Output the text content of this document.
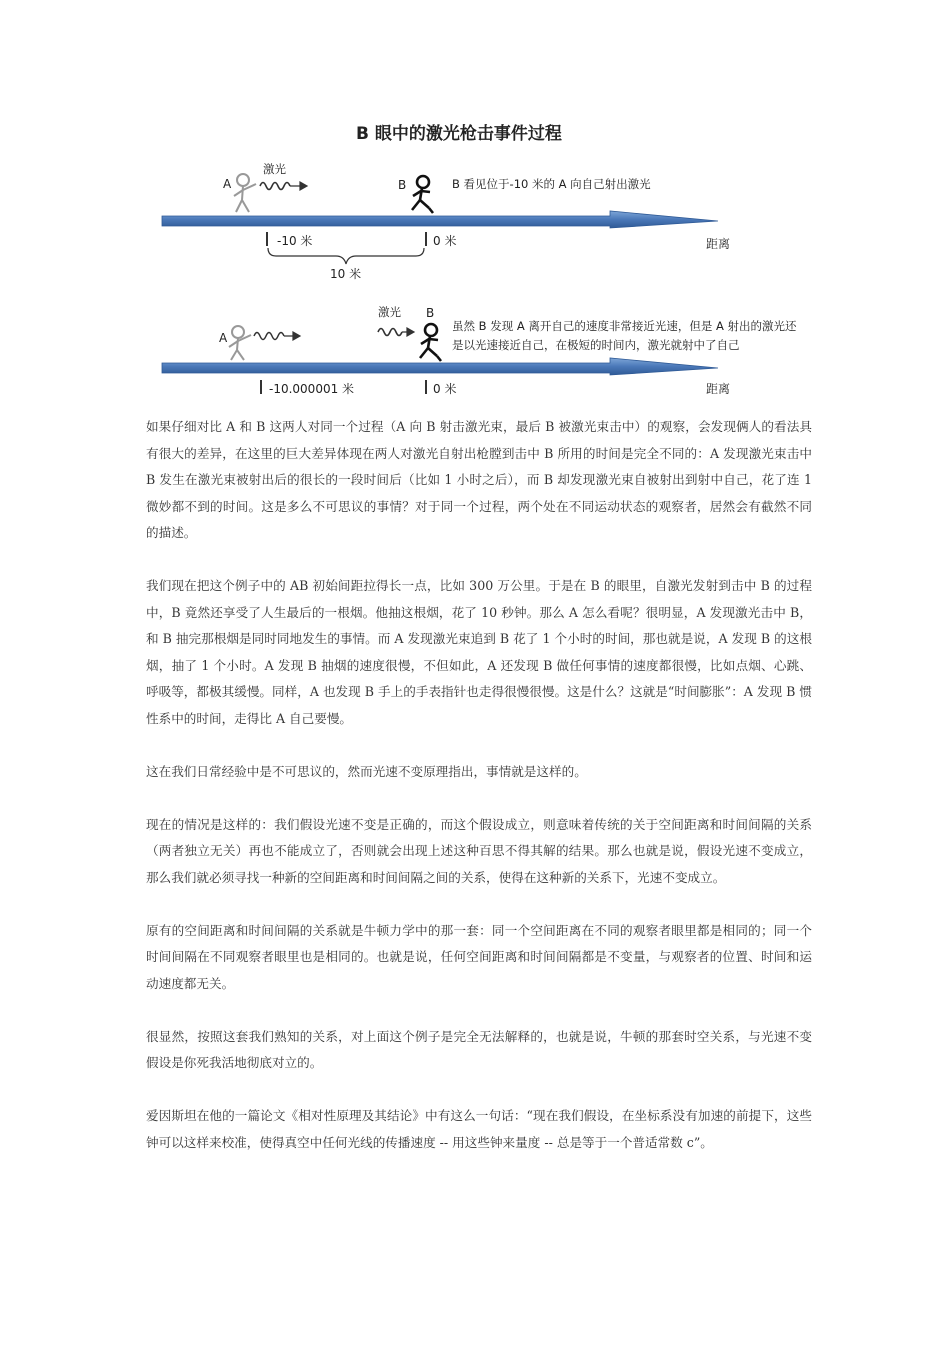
B 眼中的激光枪击事件过程
A
激光
B	B 看见位于-10 米的 A 向自己射出激光
-10 米	0 米	距离
10 米
A
激光 B
虽然 B 发现 A 离开自己的速度非常接近光速，但是 A 射出的激光还
是以光速接近自己，在极短的时间内，激光就射中了自己
-10.000001 米	0 米	距离

如果仔细对比 A 和 B 这两人对同一个过程（A 向 B 射击激光束，最后 B 被激光束击中）的观察，会发现俩人的看法具有很大的差异，在这里的巨大差异体现在两人对激光自射出枪膛到击中 B 所用的时间是完全不同的：A 发现激光束击中 B 发生在激光束被射出后的很长的一段时间后（比如 1 小时之后），而 B 却发现激光束自被射出到射中自己，花了连 1 微妙都不到的时间。这是多么不可思议的事情？对于同一个过程，两个处在不同运动状态的观察者，居然会有截然不同的描述。

我们现在把这个例子中的 AB 初始间距拉得长一点，比如 300 万公里。于是在 B 的眼里，自激光发射到击中 B 的过程中，B 竟然还享受了人生最后的一根烟。他抽这根烟，花了 10 秒钟。那么 A 怎么看呢？很明显，A 发现激光击中 B，和 B 抽完那根烟是同时同地发生的事情。而 A 发现激光束追到 B 花了 1 个小时的时间，那也就是说，A 发现 B 的这根烟，抽了 1 个小时。A 发现 B 抽烟的速度很慢，不但如此，A 还发现 B 做任何事情的速度都很慢，比如点烟、心跳、呼吸等，都极其缓慢。同样，A 也发现 B 手上的手表指针也走得很慢很慢。这是什么？这就是“时间膨胀”：A 发现 B 惯性系中的时间，走得比 A 自己要慢。

这在我们日常经验中是不可思议的，然而光速不变原理指出，事情就是这样的。

现在的情况是这样的：我们假设光速不变是正确的，而这个假设成立，则意味着传统的关于空间距离和时间间隔的关系（两者独立无关）再也不能成立了，否则就会出现上述这种百思不得其解的结果。那么也就是说，假设光速不变成立，那么我们就必须寻找一种新的空间距离和时间间隔之间的关系，使得在这种新的关系下，光速不变成立。

原有的空间距离和时间间隔的关系就是牛顿力学中的那一套：同一个空间距离在不同的观察者眼里都是相同的；同一个时间间隔在不同观察者眼里也是相同的。也就是说，任何空间距离和时间间隔都是不变量，与观察者的位置、时间和运动速度都无关。

很显然，按照这套我们熟知的关系，对上面这个例子是完全无法解释的，也就是说，牛顿的那套时空关系，与光速不变假设是你死我活地彻底对立的。

爱因斯坦在他的一篇论文《相对性原理及其结论》中有这么一句话：“现在我们假设，在坐标系没有加速的前提下，这些钟可以这样来校准，使得真空中任何光线的传播速度 -- 用这些钟来量度 -- 总是等于一个普适常数 c”。
